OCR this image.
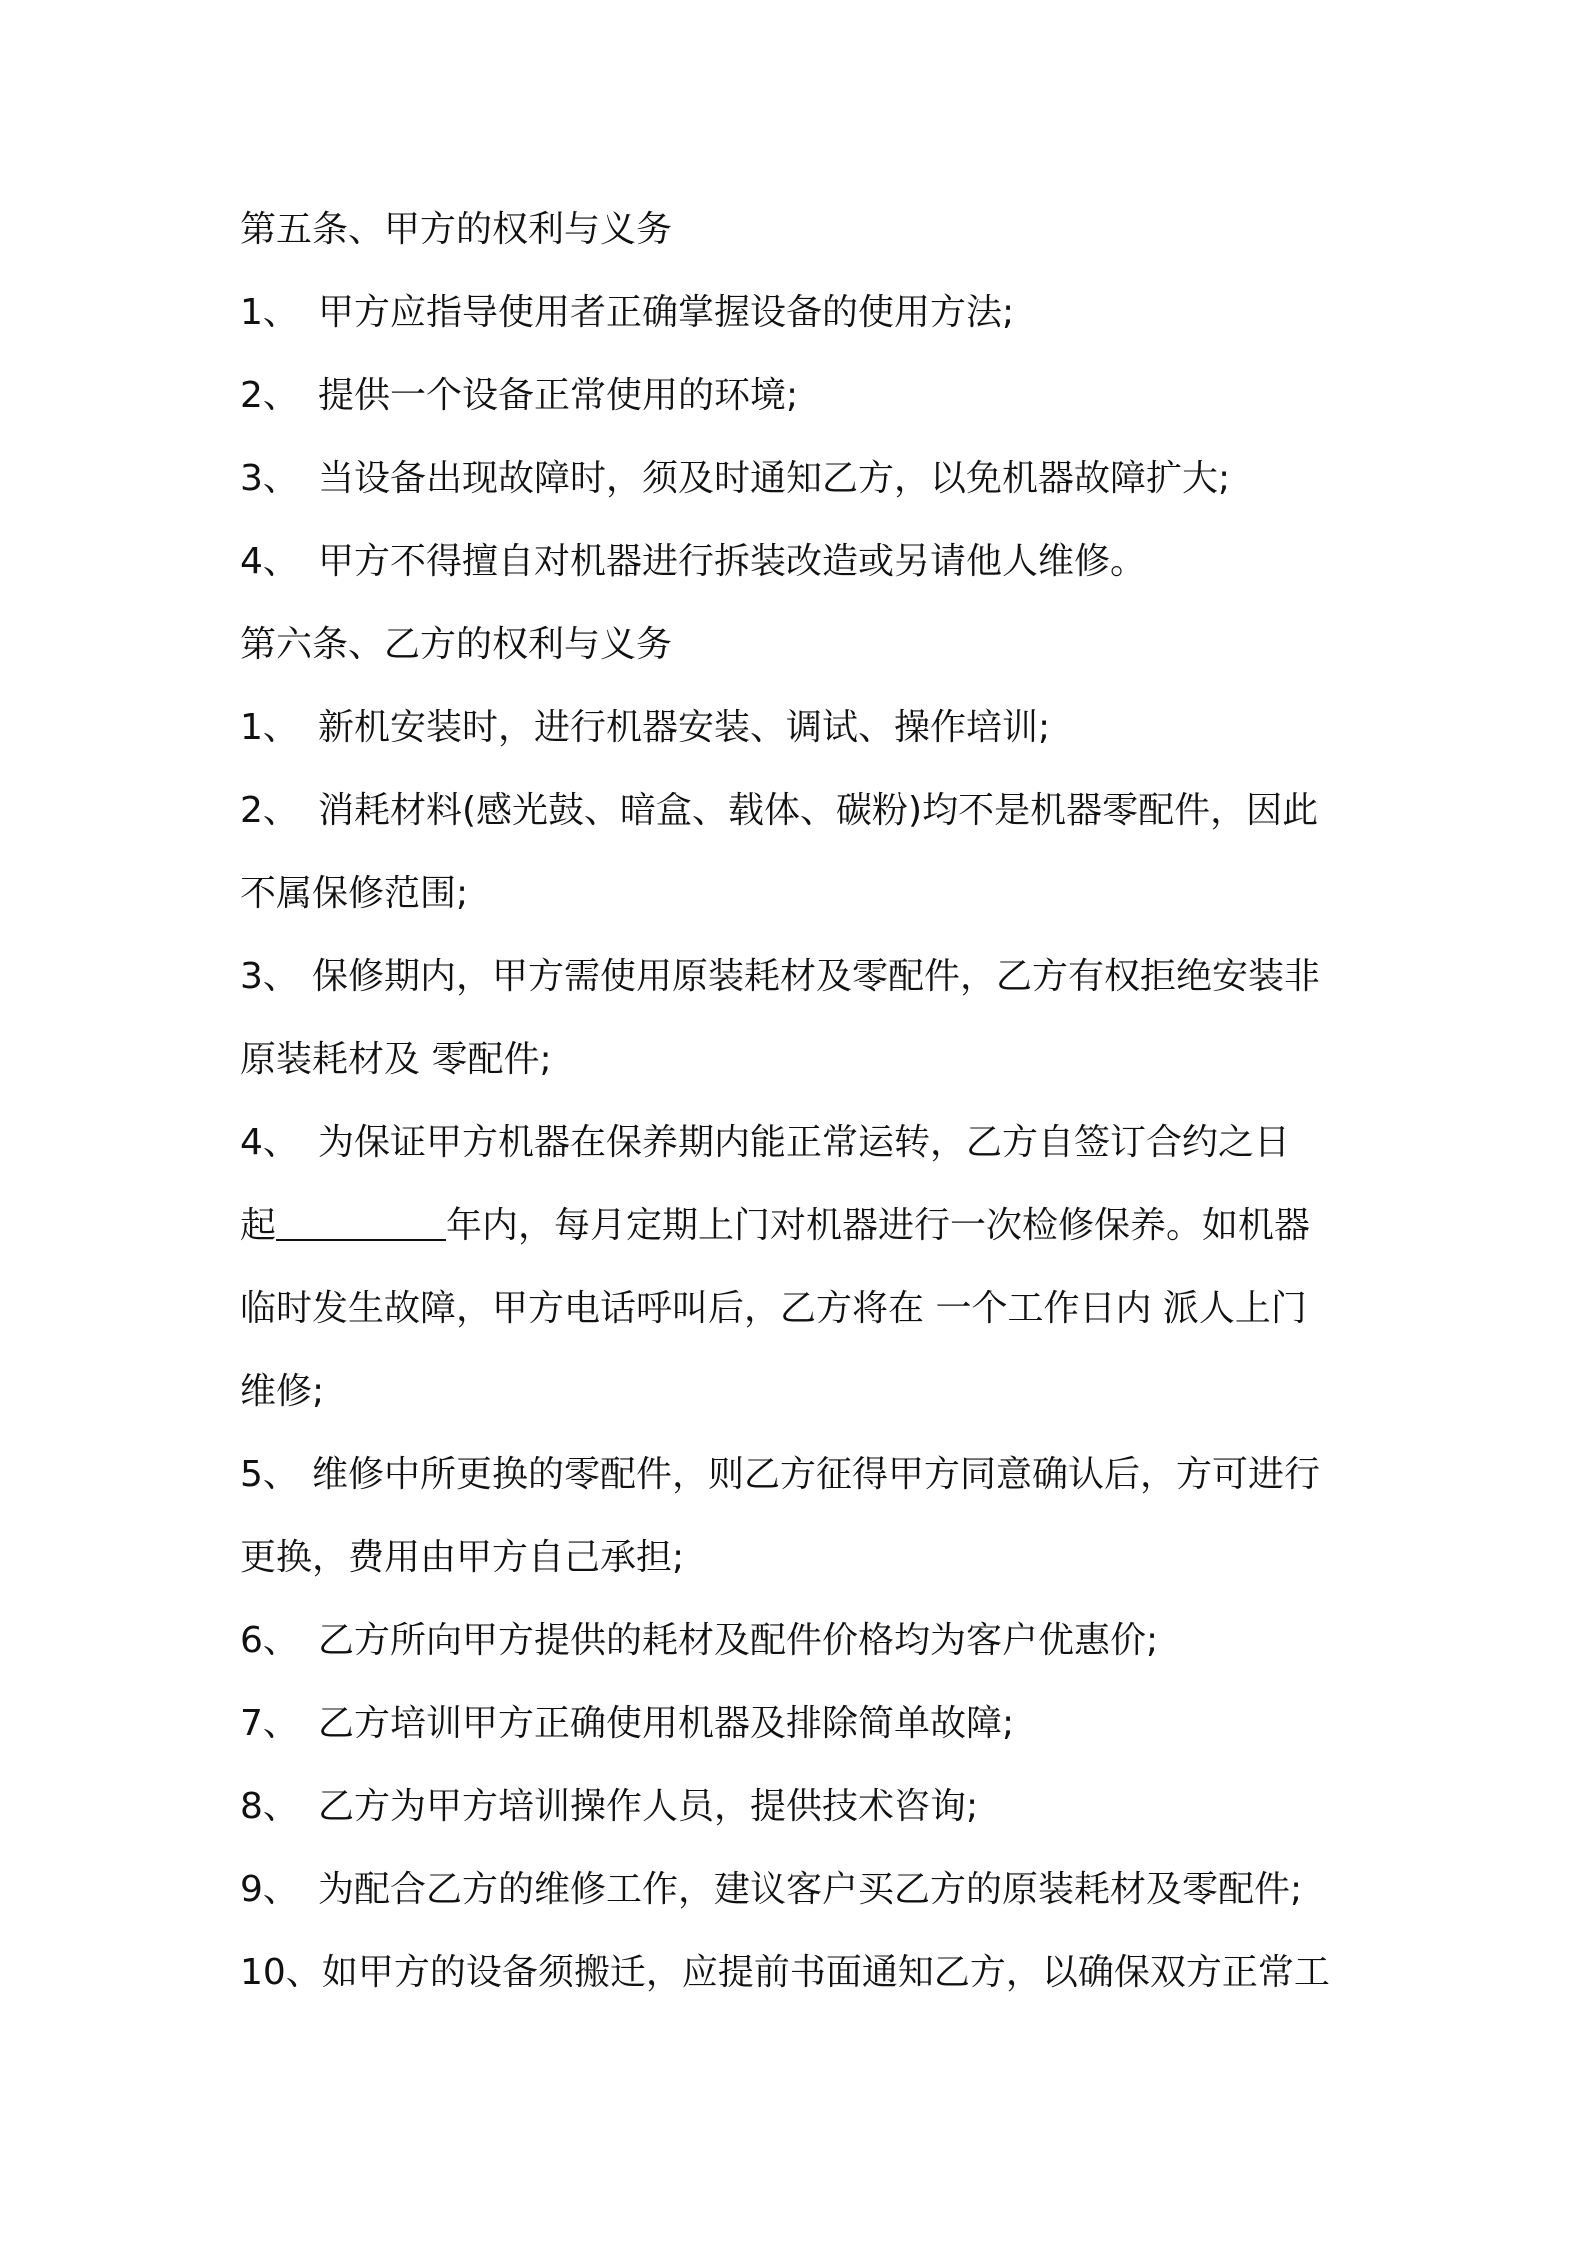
第五条、甲方的权利与义务
1、 甲方应指导使用者正确掌握设备的使用方法;
2、 提供一个设备正常使用的环境;
3、 当设备出现故障时，须及时通知乙方，以免机器故障扩大;
4、 甲方不得擅自对机器进行拆装改造或另请他人维修。
第六条、乙方的权利与义务
1、 新机安装时，进行机器安装、调试、操作培训;
2、 消耗材料(感光鼓、暗盒、载体、碳粉)均不是机器零配件，因此
不属保修范围;
3、 保修期内，甲方需使用原装耗材及零配件，乙方有权拒绝安装非
原装耗材及 零配件;
4、 为保证甲方机器在保养期内能正常运转，乙方自签订合约之日
起	年内，每月定期上门对机器进行一次检修保养。如机器
临时发生故障，甲方电话呼叫后，乙方将在 一个工作日内 派人上门
维修;
5、 维修中所更换的零配件，则乙方征得甲方同意确认后，方可进行
更换，费用由甲方自己承担;
6、 乙方所向甲方提供的耗材及配件价格均为客户优惠价;
7、 乙方培训甲方正确使用机器及排除简单故障;
8、 乙方为甲方培训操作人员，提供技术咨询;
9、 为配合乙方的维修工作，建议客户买乙方的原装耗材及零配件;
10、如甲方的设备须搬迁，应提前书面通知乙方，以确保双方正常工
